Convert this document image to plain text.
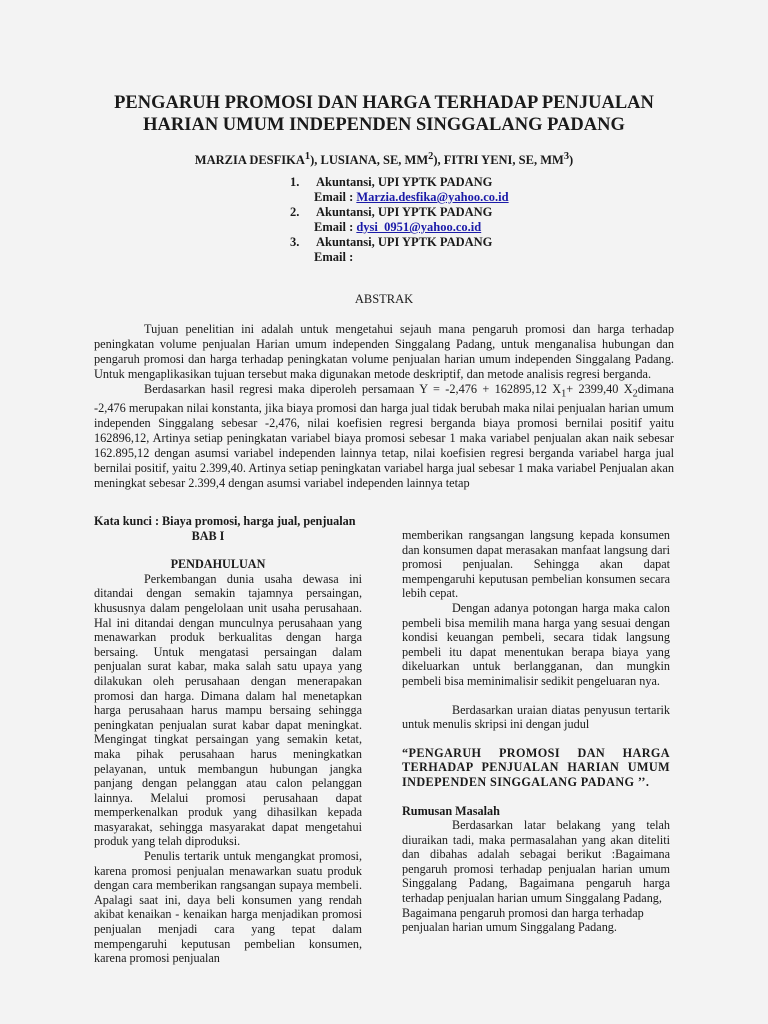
PENGARUH PROMOSI DAN HARGA TERHADAP PENJUALAN
HARIAN UMUM INDEPENDEN SINGGALANG PADANG
MARZIA DESFIKA$^1$), LUSIANA, SE, $MM^2$), FITRI YENI, SE, $MM^3$)
1. Akuntansi, UPI YPTK PADANG
Email : Marzia.desfika@yahoo.co.id
2. Akuntansi, UPI YPTK PADANG
Email : dysi_0951@yahoo.co.id
3. Akuntansi, UPI YPTK PADANG
Email :
ABSTRAK

Tujuan penelitian ini adalah untuk mengetahui sejauh mana pengaruh promosi dan harga terhadap peningkatan volume penjualan Harian umum independen Singgalang Padang, untuk menganalisa hubungan dan pengaruh promosi dan harga terhadap peningkatan volume penjualan harian umum independen Singgalang Padang. Untuk mengaplikasikan tujuan tersebut maka digunakan metode deskriptif, dan metode analisis regresi berganda.

Berdasarkan hasil regresi maka diperoleh persamaan Y = -2,476 + 162895,12 $X_1+ 2399,40$ $X_2dimana$ -2,476 merupakan nilai konstanta, jika biaya promosi dan harga jual tidak berubah maka nilai penjualan harian umum independen Singgalang sebesar -2,476, nilai koefisien regresi berganda biaya promosi bernilai positif yaitu 162896,12, Artinya setiap peningkatan variabel biaya promosi sebesar 1 maka variabel penjualan akan naik sebesar 162.895,12 dengan asumsi variabel independen lainnya tetap, nilai koefisien regresi berganda variabel harga jual bernilai positif, yaitu 2.399,40. Artinya setiap peningkatan variabel harga jual sebesar 1 maka variabel Penjualan akan meningkat sebesar 2.399,4 dengan asumsi variabel independen lainnya tetap

Kata kunci : Biaya promosi, harga jual, penjualan

BAB I

PENDAHULUAN

Perkembangan dunia usaha dewasa ini ditandai dengan semakin tajamnya persaingan, khususnya dalam pengelolaan unit usaha perusahaan. Hal ini ditandai dengan munculnya perusahaan yang menawarkan produk berkualitas dengan harga bersaing. Untuk mengatasi persaingan dalam penjualan surat kabar, maka salah satu upaya yang dilakukan oleh perusahaan dengan menerapakan promosi dan harga. Dimana dalam hal menetapkan harga perusahaan harus mampu bersaing sehingga peningkatan penjualan surat kabar dapat meningkat. Mengingat tingkat persaingan yang semakin ketat, maka pihak perusahaan harus meningkatkan pelayanan, untuk membangun hubungan jangka panjang dengan pelanggan atau calon pelanggan lainnya. Melalui promosi perusahaan dapat memperkenalkan produk yang dihasilkan kepada masyarakat, sehingga masyarakat dapat mengetahui produk yang telah diproduksi.

Penulis tertarik untuk mengangkat promosi, karena promosi penjualan menawarkan suatu produk dengan cara memberikan rangsangan supaya membeli. Apalagi saat ini, daya beli konsumen yang rendah akibat kenaikan - kenaikan harga menjadikan promosi penjualan menjadi cara yang tepat dalam mempengaruhi keputusan pembelian konsumen, karena promosi penjualan

memberikan rangsangan langsung kepada konsumen dan konsumen dapat merasakan manfaat langsung dari promosi penjualan. Sehingga akan dapat mempengaruhi keputusan pembelian konsumen secara lebih cepat.

Dengan adanya potongan harga maka calon pembeli bisa memilih mana harga yang sesuai dengan kondisi keuangan pembeli, secara tidak langsung pembeli itu dapat menentukan berapa biaya yang dikeluarkan untuk berlangganan, dan mungkin pembeli bisa meminimalisir sedikit pengeluaran nya.

Berdasarkan uraian diatas penyusun tertarik untuk menulis skripsi ini dengan judul

“PENGARUH PROMOSI DAN HARGA TERHADAP PENJUALAN HARIAN UMUM INDEPENDEN SINGGALANG PADANG ’’.

Rumusan Masalah

Berdasarkan latar belakang yang telah diuraikan tadi, maka permasalahan yang akan diteliti dan dibahas adalah sebagai berikut :Bagaimana pengaruh promosi terhadap penjualan harian umum Singgalang Padang, Bagaimana pengaruh harga terhadap penjualan harian umum Singgalang Padang,

Bagaimana pengaruh promosi dan harga terhadap penjualan harian umum Singgalang Padang.
